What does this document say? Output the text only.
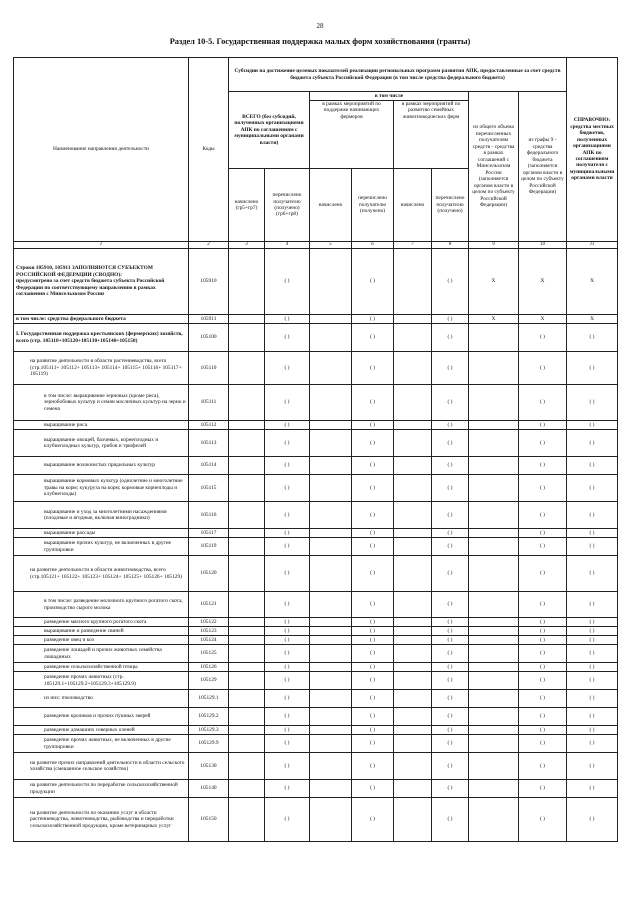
28
Раздел 10-5. Государственная поддержка малых форм хозяйствования (гранты)
Наименование направления деятельности	Коды	Субсидии на достижение целевых показателей реализации региональных программ развития АПК, предоставленные за счет средств бюджета субъекта Российской Федерации (в том числе средства федерального бюджета)								СПРАВОЧНО: средства местных бюджетов, полученных организациями АПК по соглашениям получателя с муниципальными органами власти
		ВСЕГО (без субсидий, полученных организациями АПК по соглашениям с муниципальными органами власти)		в том числе				из общего объема перечисленных получателям средств - средства в рамках соглашений с Минсельхозом России (заполняется органом власти в целом по субъекту Российской Федерации)	из графы 9 - средства федерального бюджета (заполняется органом власти в целом по субъекту Российской Федерации)	
				в рамках мероприятий по поддержке начинающих фермеров		в рамках мероприятий по развитию семейных животноводческих ферм				
		начислено (гр5+гр7)	перечислено получателю (получено) (гр6+гр8)	начислено	перечислено получателю (получено)	начислено	перечислено получателю (получено)			
1	2	3	4	5	6	7	8	9	10	11

Строки 105910, 105911 ЗАПОЛНЯЮТСЯ СУБЪЕКТОМ РОССИЙСКОЙ ФЕДЕРАЦИИ (СВОДНО):
предусмотрено за счет средств бюджета субъекта Российской Федерации по соответствующему направлению в рамках соглашения с Минсельхозом России	105910		( )		( )		( )	X	X	X
в том числе: средства федерального бюджета	105911		( )		( )		( )	X	X	X
I. Государственная поддержка крестьянских (фермерских) хозяйств, всего (стр. 105110+105120+105130+105140+105150)	105100		( )		( )		( )		( )	( )
на развитие деятельности в области растениеводства, всего (стр.105111+ 105112+ 105113+ 105114+ 105115+ 105116+ 105117+ 105119)	105110		( )		( )		( )		( )	( )
в том числе: выращивание зерновых (кроме риса), зернобобовых культур и семян масличных культур на зерно и семена	105111		( )		( )		( )		( )	( )
выращивание риса	105112		( )		( )		( )		( )	( )
выращивание овощей, бахчевых, корнеплодных и клубнеплодных культур, грибов и трюфелей	105113		( )		( )		( )		( )	( )
выращивание волокнистых прядильных культур	105114		( )		( )		( )		( )	( )
выращивание кормовых культур (однолетние и многолетние травы на корм; кукуруза на корм; кормовые корнеплоды и клубнеплоды)	105115		( )		( )		( )		( )	( )
выращивание и уход за многолетними насаждениями (плодовые и ягодные, включая виноградники)	105116		( )		( )		( )		( )	( )
выращивание рассады	105117		( )		( )		( )		( )	( )
выращивание прочих культур, не включенных в другие группировки	105119		( )		( )		( )		( )	( )
на развитие деятельности в области животноводства, всего (стр.105121+ 105122+ 105123+ 105124+ 105125+ 105126+ 105129)	105120		( )		( )		( )		( )	( )
в том числе: разведение молочного крупного рогатого скота, производство сырого молока	105121		( )		( )		( )		( )	( )
разведение мясного крупного рогатого скота	105122		( )		( )		( )		( )	( )
выращивание и разведение свиней	105123		( )		( )		( )		( )	( )
разведение овец и коз	105124		( )		( )		( )		( )	( )
разведение лошадей и прочих животных семейства лошадиных	105125		( )		( )		( )		( )	( )
разведение сельскохозяйственной птицы	105126		( )		( )		( )		( )	( )
разведение прочих животных (стр. 105129.1+105129.2+105129.3+105129.9)	105129		( )		( )		( )		( )	( )
из них: пчеловодство	105129.1		( )		( )		( )		( )	( )
разведение кроликов и прочих пушных зверей	105129.2		( )		( )		( )		( )	( )
разведение домашних северных оленей	105129.3		( )		( )		( )		( )	( )
разведение прочих животных, не включенных в другие группировки	105129.9		( )		( )		( )		( )	( )
на развитие прочих направлений деятельности в области сельского хозяйства (смешанное сельское хозяйство)	105130		( )		( )		( )		( )	( )
на развитие деятельности по переработке сельскохозяйственной продукции	105140		( )		( )		( )		( )	( )
на развитие деятельности по оказанию услуг в области растениеводства, животноводства, рыбоводства и переработки сельскохозяйственной продукции, кроме ветеринарных услуг	105150		( )		( )		( )		( )	( )
